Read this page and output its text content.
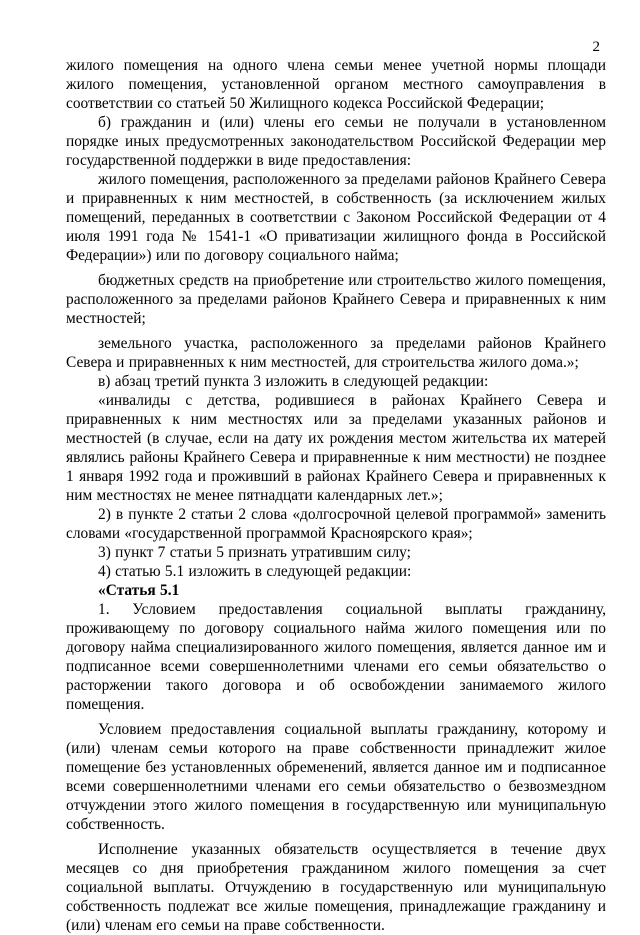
2

жилого помещения на одного члена семьи менее учетной нормы площади жилого помещения, установленной органом местного самоуправления в соответствии со статьей 50 Жилищного кодекса Российской Федерации;

б) гражданин и (или) члены его семьи не получали в установленном порядке иных предусмотренных законодательством Российской Федерации мер государственной поддержки в виде предоставления:

жилого помещения, расположенного за пределами районов Крайнего Севера и приравненных к ним местностей, в собственность (за исключением жилых помещений, переданных в соответствии с Законом Российской Федерации от 4 июля 1991 года № 1541-1 «О приватизации жилищного фонда в Российской Федерации») или по договору социального найма;

бюджетных средств на приобретение или строительство жилого помещения, расположенного за пределами районов Крайнего Севера и приравненных к ним местностей;

земельного участка, расположенного за пределами районов Крайнего Севера и приравненных к ним местностей, для строительства жилого дома.»;

в) абзац третий пункта 3 изложить в следующей редакции:

«инвалиды с детства, родившиеся в районах Крайнего Севера и приравненных к ним местностях или за пределами указанных районов и местностей (в случае, если на дату их рождения местом жительства их матерей являлись районы Крайнего Севера и приравненные к ним местности) не позднее 1 января 1992 года и проживший в районах Крайнего Севера и приравненных к ним местностях не менее пятнадцати календарных лет.»;

2) в пункте 2 статьи 2 слова «долгосрочной целевой программой» заменить словами «государственной программой Красноярского края»;

3) пункт 7 статьи 5 признать утратившим силу;

4) статью 5.1 изложить в следующей редакции:

«Статья 5.1

1. Условием предоставления социальной выплаты гражданину, проживающему по договору социального найма жилого помещения или по договору найма специализированного жилого помещения, является данное им и подписанное всеми совершеннолетними членами его семьи обязательство о расторжении такого договора и об освобождении занимаемого жилого помещения.

Условием предоставления социальной выплаты гражданину, которому и (или) членам семьи которого на праве собственности принадлежит жилое помещение без установленных обременений, является данное им и подписанное всеми совершеннолетними членами его семьи обязательство о безвозмездном отчуждении этого жилого помещения в государственную или муниципальную собственность.

Исполнение указанных обязательств осуществляется в течение двух месяцев со дня приобретения гражданином жилого помещения за счет социальной выплаты. Отчуждению в государственную или муниципальную собственность подлежат все жилые помещения, принадлежащие гражданину и (или) членам его семьи на праве собственности.
